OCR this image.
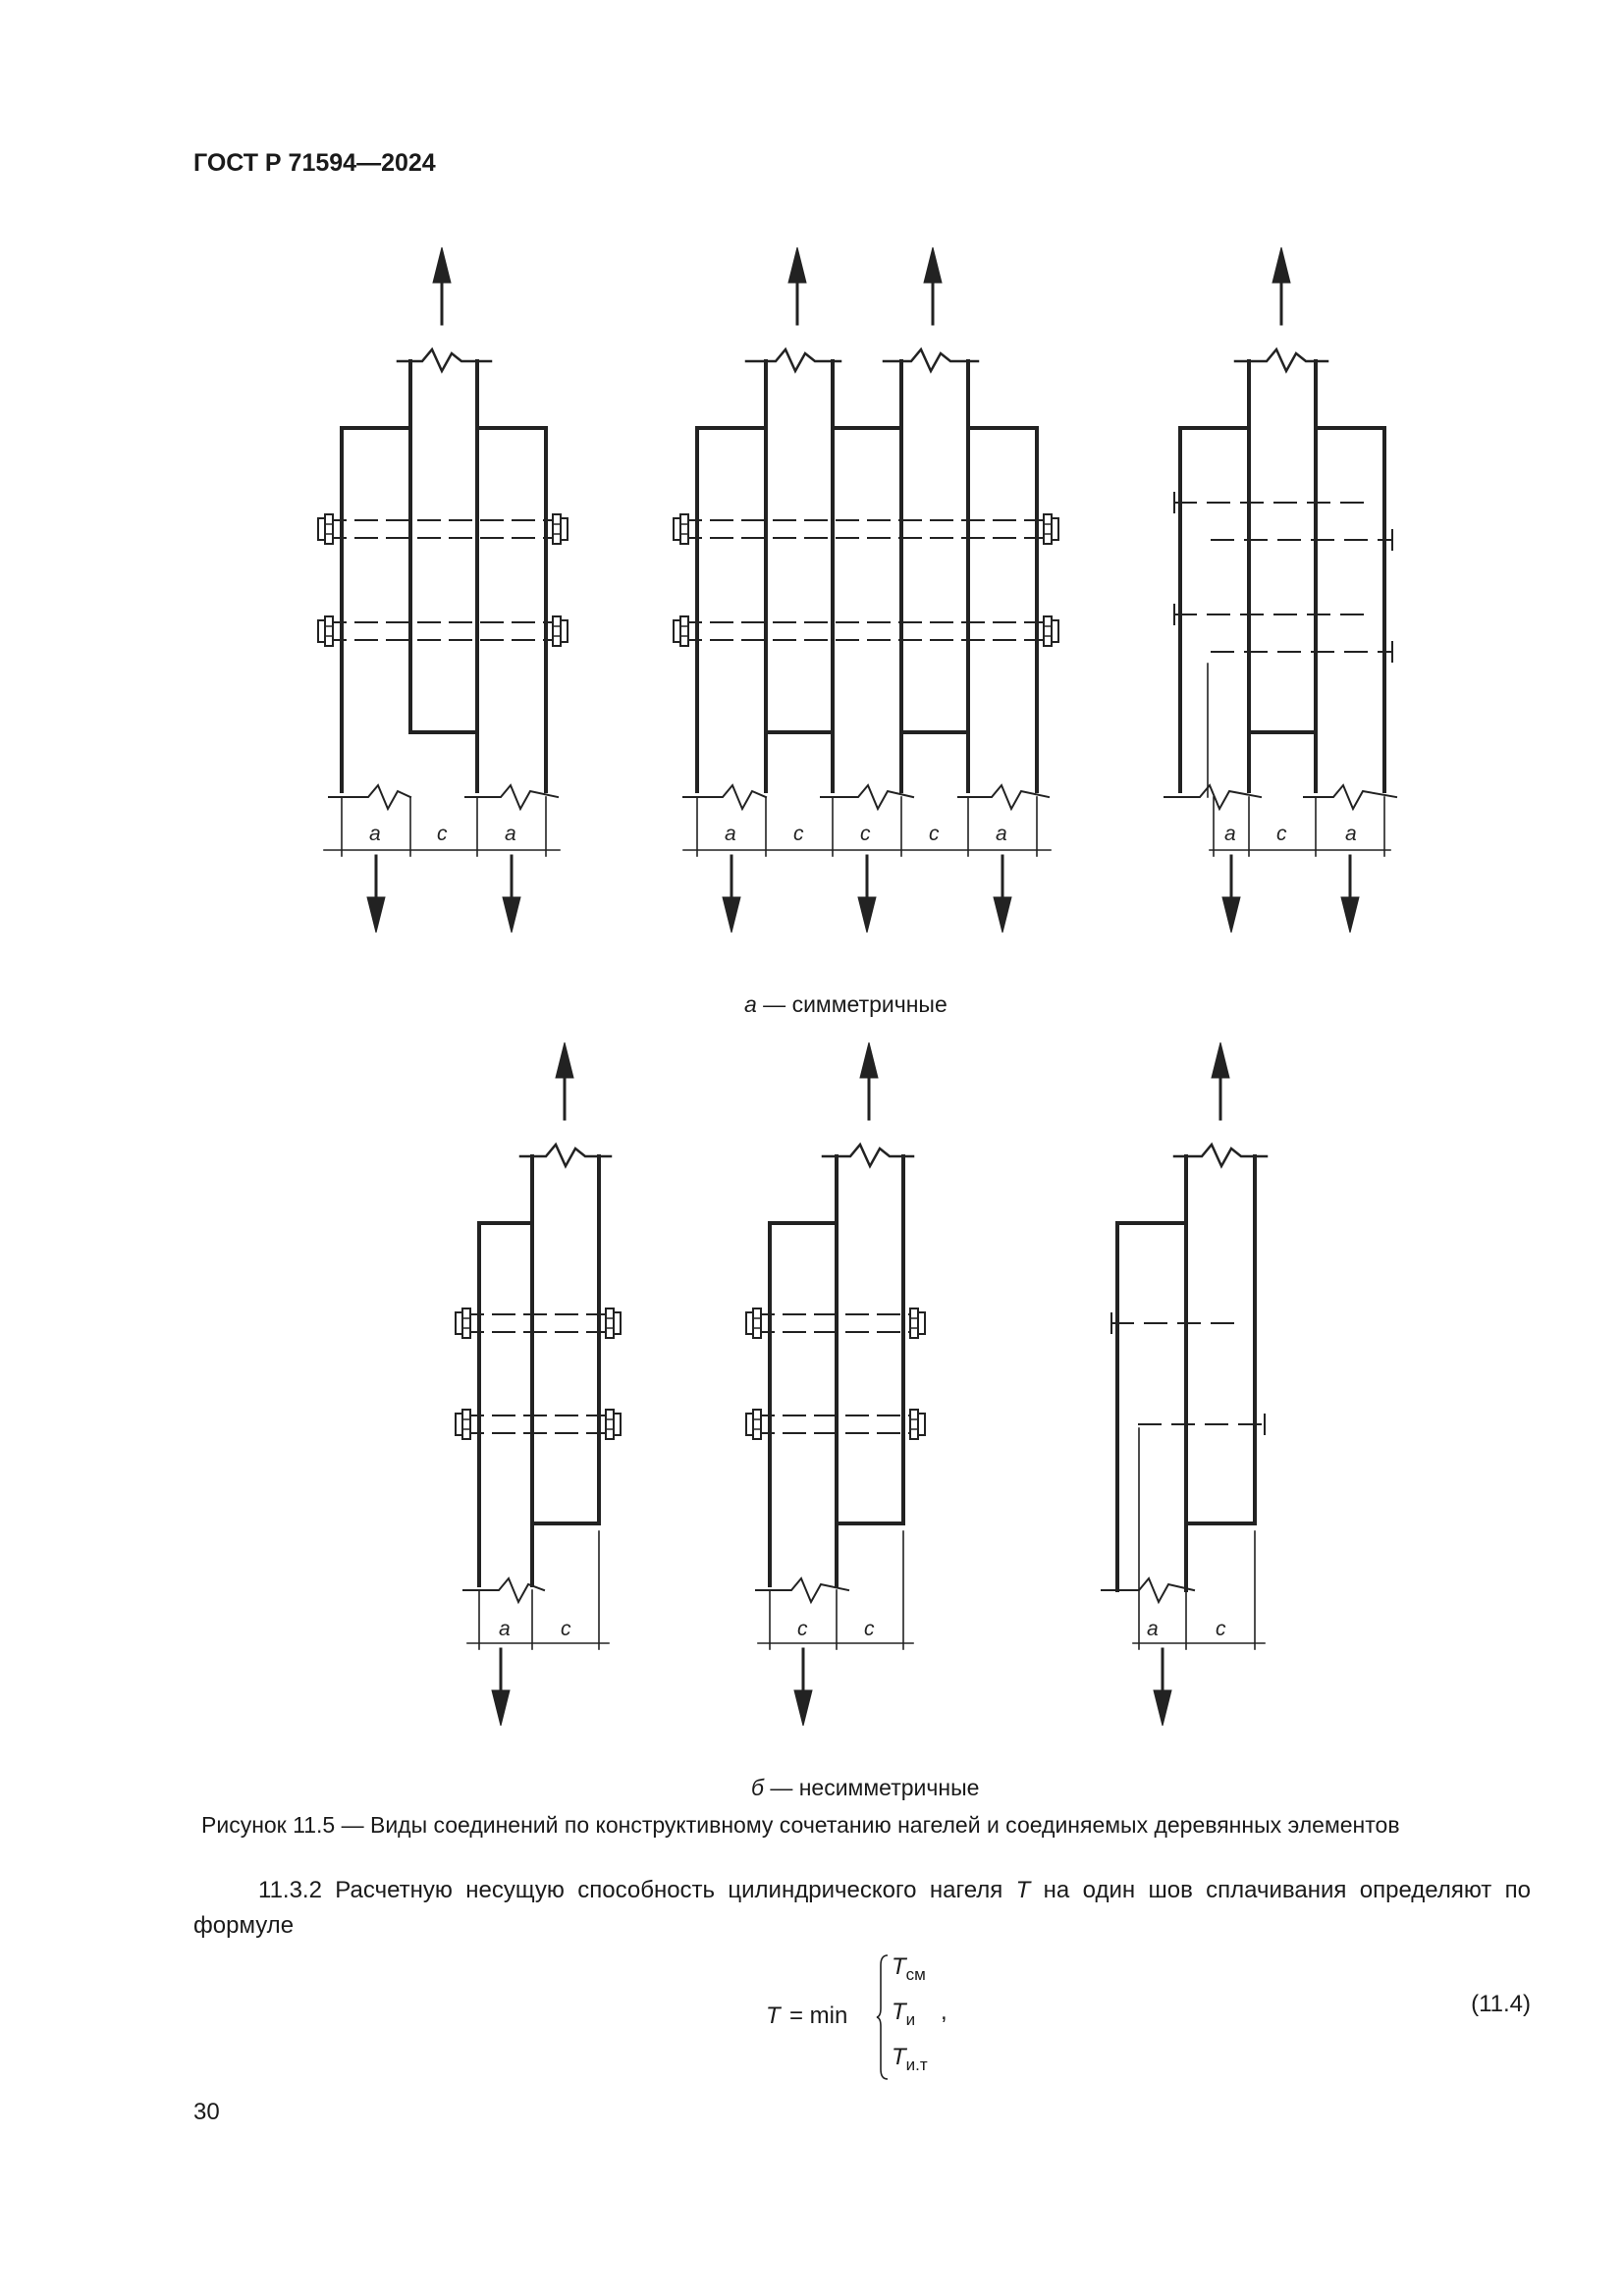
ГОСТ Р 71594—2024
a	c	a	a	c	c	c	a	a c	a
a c	c	c	a	c
а — симметричные
б — несимметричные
Рисунок 11.5 — Виды соединений по конструктивному сочетанию нагелей и соединяемых деревянных элементов
11.3.2 Расчетную несущую способность цилиндрического нагеля T на один шов сплачивания определяют по формуле
T = min
$T_{см}$
$T_и$ ,
$T_{и.т}$
(11.4)
30
